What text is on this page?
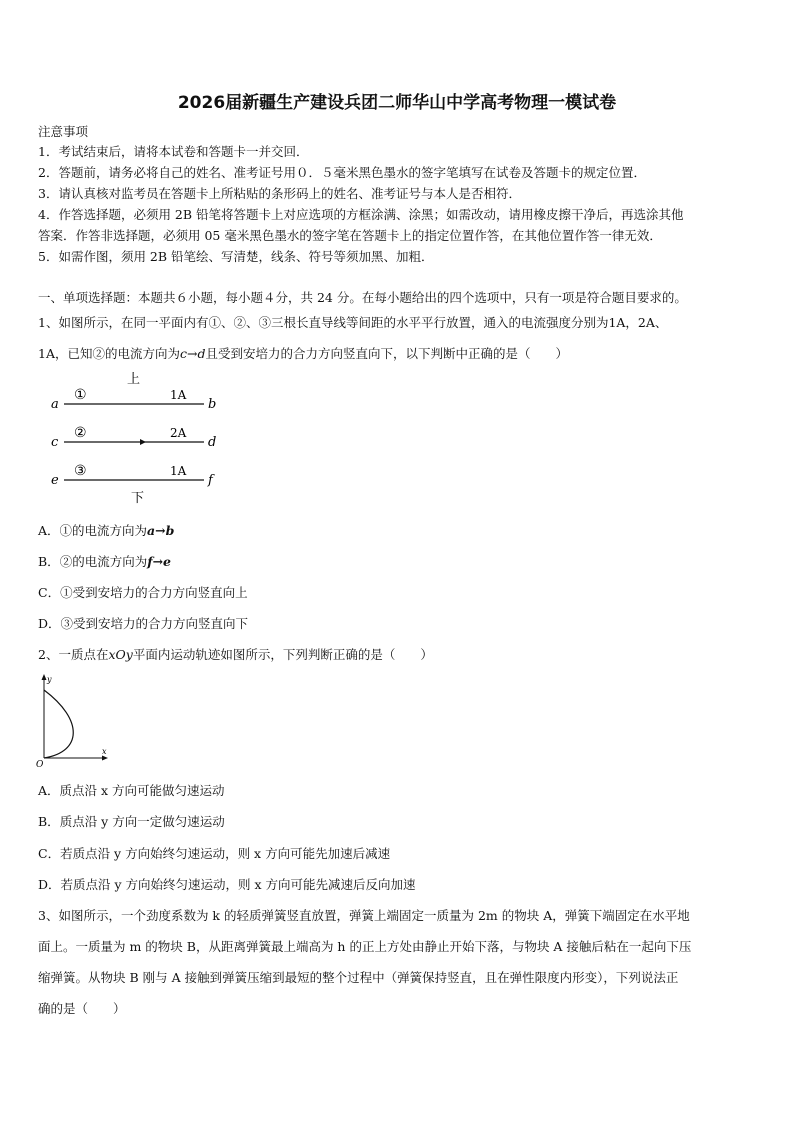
2026届新疆生产建设兵团二师华山中学高考物理一模试卷
注意事项
1．考试结束后，请将本试卷和答题卡一并交回．
2．答题前，请务必将自己的姓名、准考证号用０．５毫米黑色墨水的签字笔填写在试卷及答题卡的规定位置．
3．请认真核对监考员在答题卡上所粘贴的条形码上的姓名、准考证号与本人是否相符．
4．作答选择题，必须用 2B 铅笔将答题卡上对应选项的方框涂满、涂黑；如需改动，请用橡皮擦干净后，再选涂其他
答案．作答非选择题，必须用 05 毫米黑色墨水的签字笔在答题卡上的指定位置作答，在其他位置作答一律无效．
5．如需作图，须用 2B 铅笔绘、写清楚，线条、符号等须加黑、加粗．
一、单项选择题：本题共６小题，每小题４分，共 24 分。在每小题给出的四个选项中，只有一项是符合题目要求的。
1、如图所示，在同一平面内有①、②、③三根长直导线等间距的水平平行放置，通入的电流强度分别为1A，2A、
1A，已知②的电流方向为c→d且受到安培力的合力方向竖直向下，以下判断中正确的是（　　）
上
a
①	1A
b
c
②	2A
d
e
③	1A
f
下
A．①的电流方向为a→b
B．②的电流方向为f→e
C．①受到安培力的合力方向竖直向上
D．③受到安培力的合力方向竖直向下
2、一质点在xOy平面内运动轨迹如图所示，下列判断正确的是（　　）
y
x
O
A．质点沿 x 方向可能做匀速运动
B．质点沿 y 方向一定做匀速运动
C．若质点沿 y 方向始终匀速运动，则 x 方向可能先加速后减速
D．若质点沿 y 方向始终匀速运动，则 x 方向可能先减速后反向加速
3、如图所示，一个劲度系数为 k 的轻质弹簧竖直放置，弹簧上端固定一质量为 2m 的物块 A，弹簧下端固定在水平地
面上。一质量为 m 的物块 B，从距离弹簧最上端高为 h 的正上方处由静止开始下落，与物块 A 接触后粘在一起向下压
缩弹簧。从物块 B 刚与 A 接触到弹簧压缩到最短的整个过程中（弹簧保持竖直，且在弹性限度内形变），下列说法正
确的是（　　）
